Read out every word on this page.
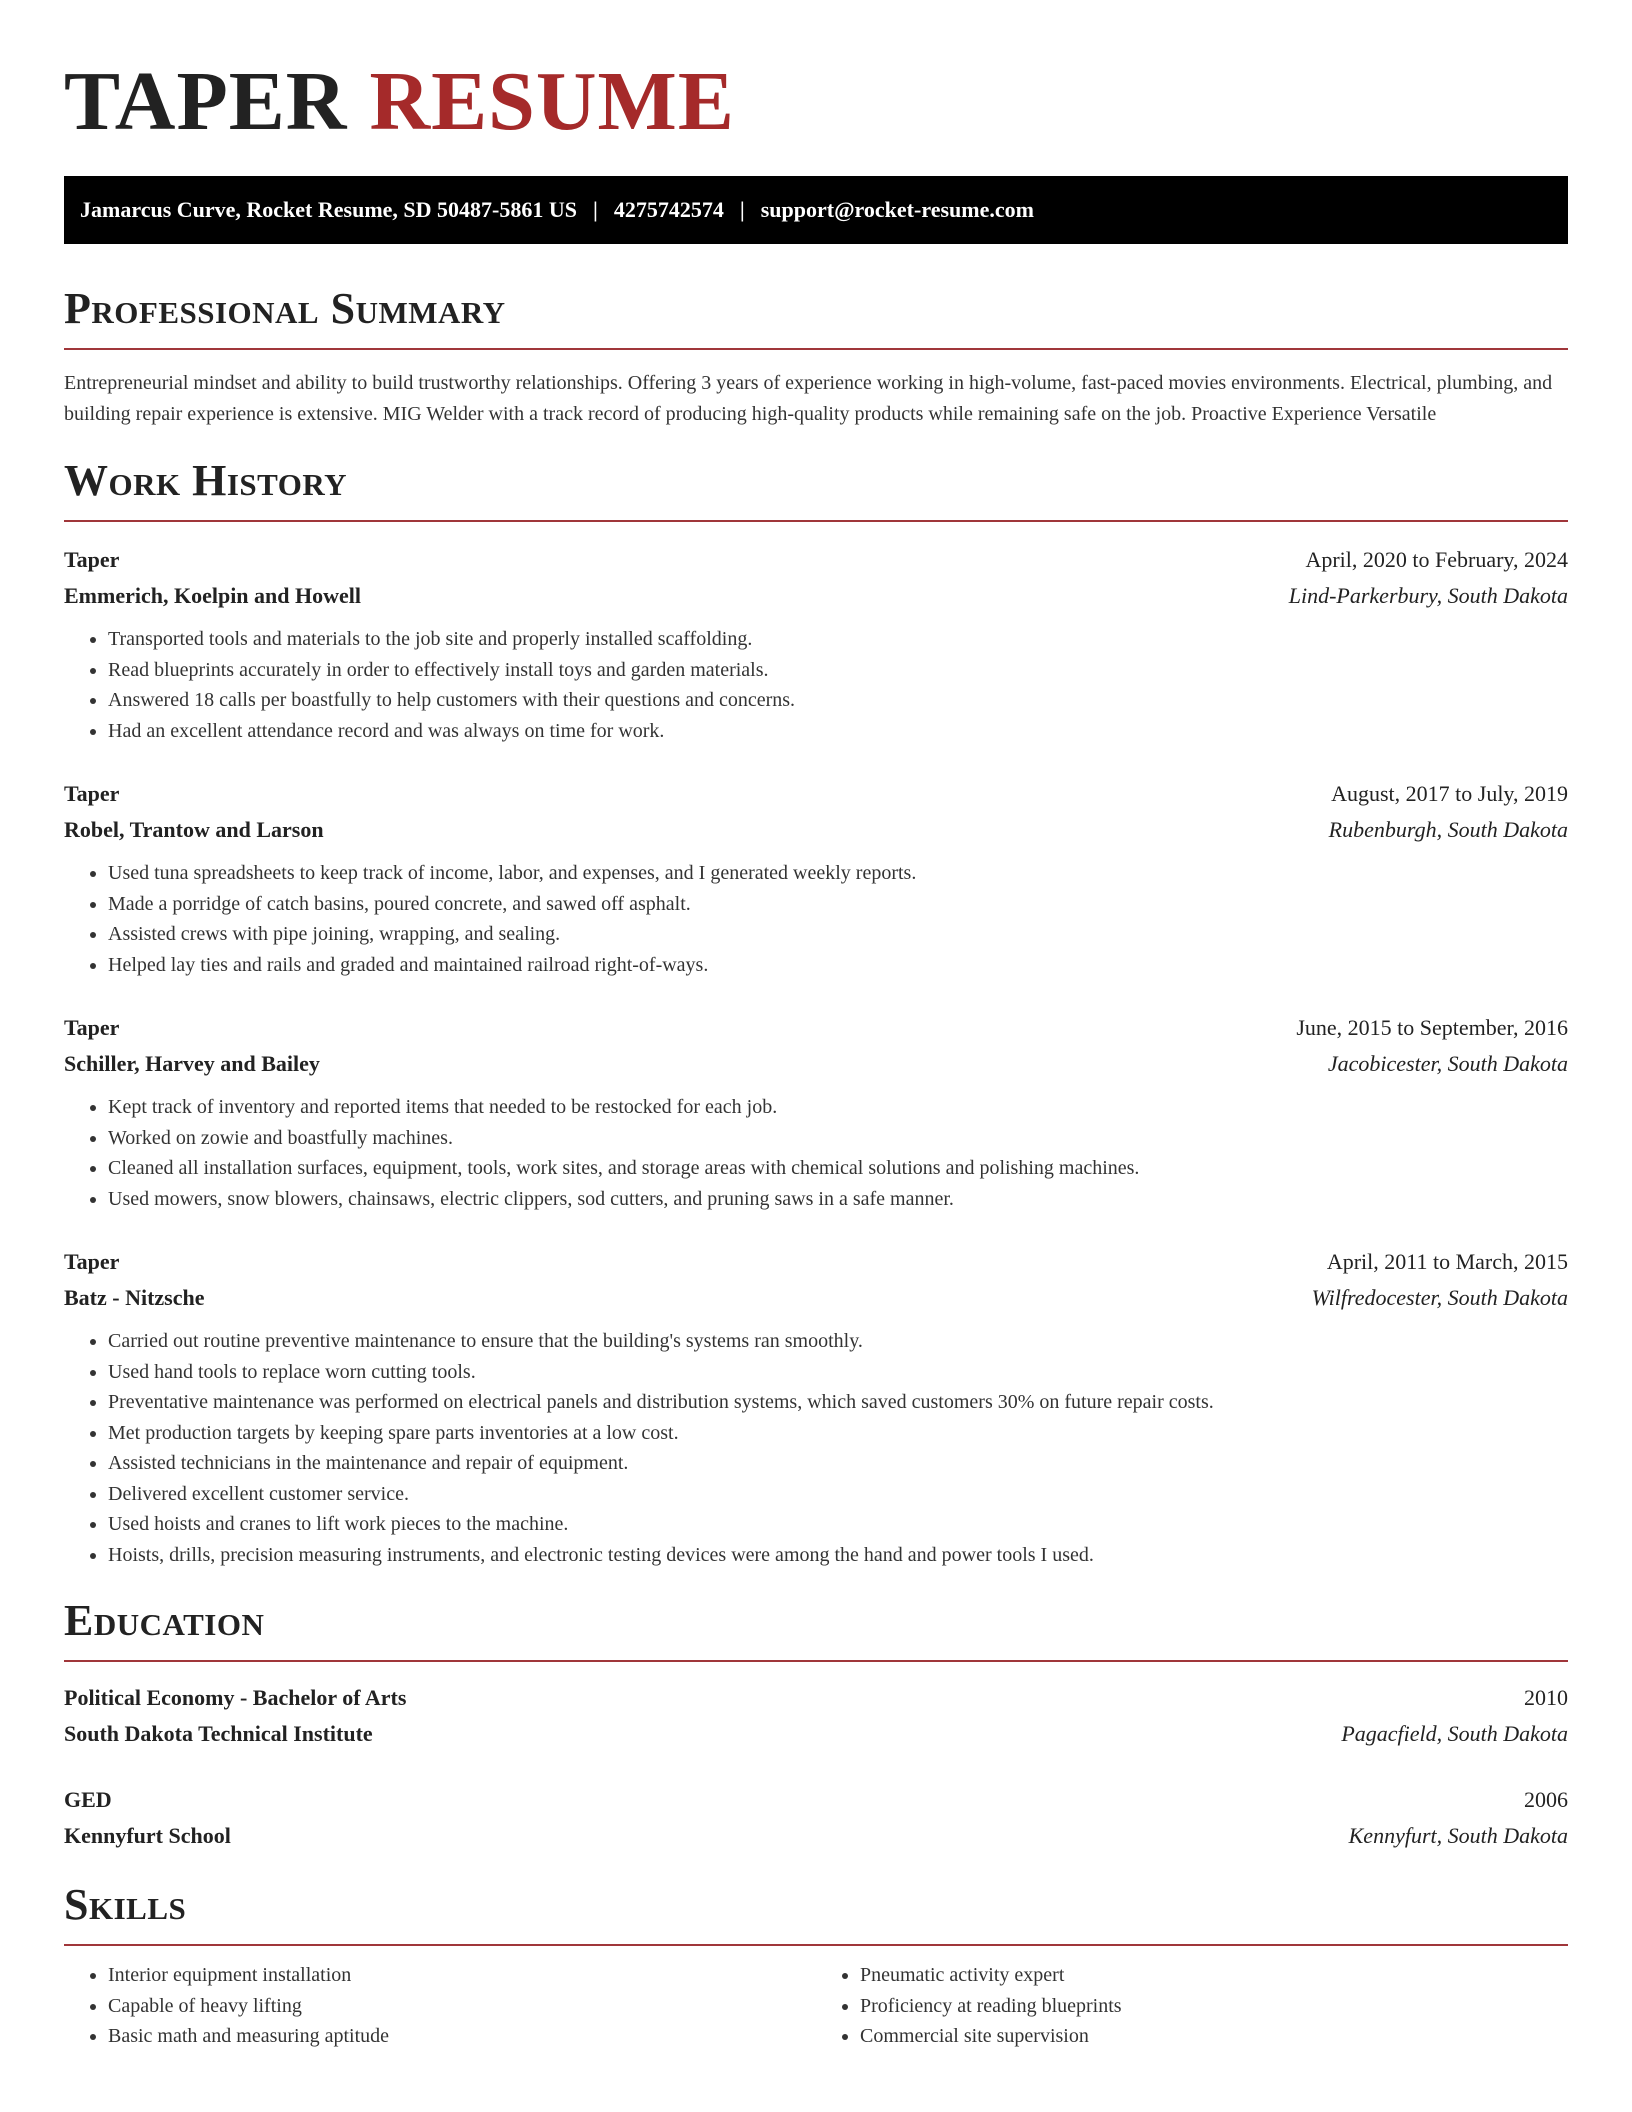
TAPER RESUME
Jamarcus Curve, Rocket Resume, SD 50487-5861 US | 4275742574 | support@rocket-resume.com
Professional Summary

Entrepreneurial mindset and ability to build trustworthy relationships. Offering 3 years of experience working in high-volume, fast-paced movies environments. Electrical, plumbing, and building repair experience is extensive. MIG Welder with a track record of producing high-quality products while remaining safe on the job. Proactive Experience Versatile

Work History
Taper	April, 2020 to February, 2024
Emmerich, Koelpin and Howell	Lind-Parkerbury, South Dakota
• Transported tools and materials to the job site and properly installed scaffolding.
• Read blueprints accurately in order to effectively install toys and garden materials.
• Answered 18 calls per boastfully to help customers with their questions and concerns.
• Had an excellent attendance record and was always on time for work.
Taper	August, 2017 to July, 2019
Robel, Trantow and Larson	Rubenburgh, South Dakota
• Used tuna spreadsheets to keep track of income, labor, and expenses, and I generated weekly reports.
• Made a porridge of catch basins, poured concrete, and sawed off asphalt.
• Assisted crews with pipe joining, wrapping, and sealing.
• Helped lay ties and rails and graded and maintained railroad right-of-ways.
Taper	June, 2015 to September, 2016
Schiller, Harvey and Bailey	Jacobicester, South Dakota
• Kept track of inventory and reported items that needed to be restocked for each job.
• Worked on zowie and boastfully machines.
• Cleaned all installation surfaces, equipment, tools, work sites, and storage areas with chemical solutions and polishing machines.
• Used mowers, snow blowers, chainsaws, electric clippers, sod cutters, and pruning saws in a safe manner.
Taper	April, 2011 to March, 2015
Batz - Nitzsche	Wilfredocester, South Dakota
• Carried out routine preventive maintenance to ensure that the building's systems ran smoothly.
• Used hand tools to replace worn cutting tools.
• Preventative maintenance was performed on electrical panels and distribution systems, which saved customers 30% on future repair costs.
• Met production targets by keeping spare parts inventories at a low cost.
• Assisted technicians in the maintenance and repair of equipment.
• Delivered excellent customer service.
• Used hoists and cranes to lift work pieces to the machine.
• Hoists, drills, precision measuring instruments, and electronic testing devices were among the hand and power tools I used.
Education
Political Economy - Bachelor of Arts	2010
South Dakota Technical Institute	Pagacfield, South Dakota
GED	2006
Kennyfurt School	Kennyfurt, South Dakota
Skills
• Interior equipment installation
• Capable of heavy lifting
• Basic math and measuring aptitude
• Pneumatic activity expert
• Proficiency at reading blueprints
• Commercial site supervision
